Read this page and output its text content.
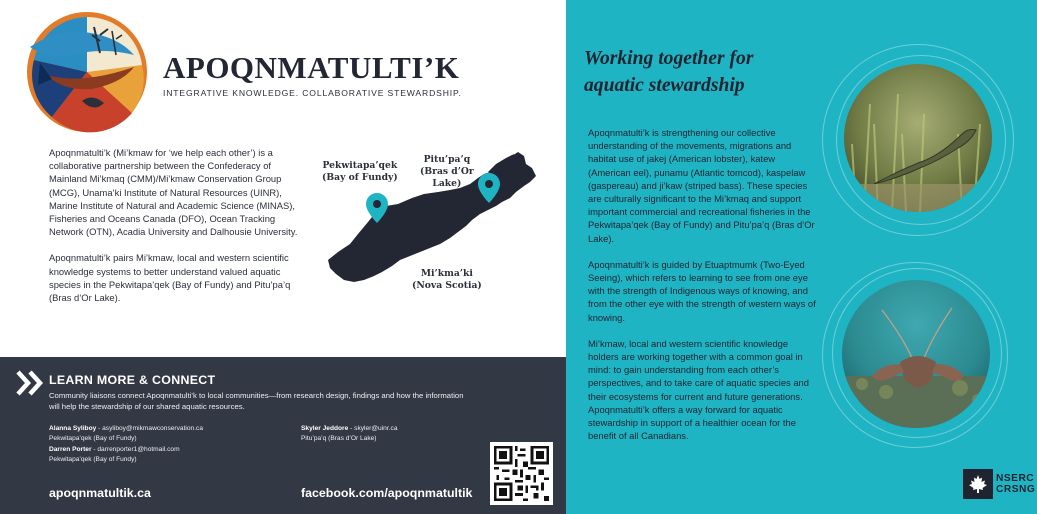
APOQNMATULTI’K
INTEGRATIVE KNOWLEDGE. COLLABORATIVE STEWARDSHIP.

Apoqnmatulti’k (Mi’kmaw for ‘we help each other’) is a collaborative partnership between the Confederacy of Mainland Mi’kmaq (CMM)/Mi’kmaw Conservation Group (MCG), Unama’ki Institute of Natural Resources (UINR), Marine Institute of Natural and Academic Science (MINAS), Fisheries and Oceans Canada (DFO), Ocean Tracking Network (OTN), Acadia University and Dalhousie University.

Apoqnmatulti’k pairs Mi’kmaw, local and western scientific knowledge systems to better understand valued aquatic species in the Pekwitapa’qek (Bay of Fundy) and Pitu’pa’q (Bras d’Or Lake).

Pekwitapa’qek
(Bay of Fundy)
Pitu’pa’q
(Bras d’Or
Lake)
Mi’kma’ki
(Nova Scotia)
LEARN MORE & CONNECT
Community liaisons connect Apoqnmatulti’k to local communities—from research design, findings and how the information will help the stewardship of our shared aquatic resources.
Alanna Syliboy - asyliboy@mikmawconservation.ca
Pekwitapa’qek (Bay of Fundy)
Darren Porter - darrenporter1@hotmail.com
Pekwitapa’qek (Bay of Fundy)
Skyler Jeddore - skyler@uinr.ca
Pitu’pa’q (Bras d’Or Lake)
apoqnmatultik.ca	facebook.com/apoqnmatultik
Working together for
aquatic stewardship

Apoqnmatulti’k is strengthening our collective understanding of the movements, migrations and habitat use of jakej (American lobster), katew (American eel), punamu (Atlantic tomcod), kaspelaw (gaspereau) and ji’kaw (striped bass). These species are culturally significant to the Mi’kmaq and support important commercial and recreational fisheries in the Pekwitapa’qek (Bay of Fundy) and Pitu’pa’q (Bras d’Or Lake).

Apoqnmatulti’k is guided by Etuaptmumk (Two-Eyed Seeing), which refers to learning to see from one eye with the strength of Indigenous ways of knowing, and from the other eye with the strength of western ways of knowing.

Mi’kmaw, local and western scientific knowledge holders are working together with a common goal in mind: to gain understanding from each other’s perspectives, and to take care of aquatic species and their ecosystems for current and future generations. Apoqnmatulti’k offers a way forward for aquatic stewardship in support of a healthier ocean for the benefit of all Canadians.

NSERC
CRSNG
